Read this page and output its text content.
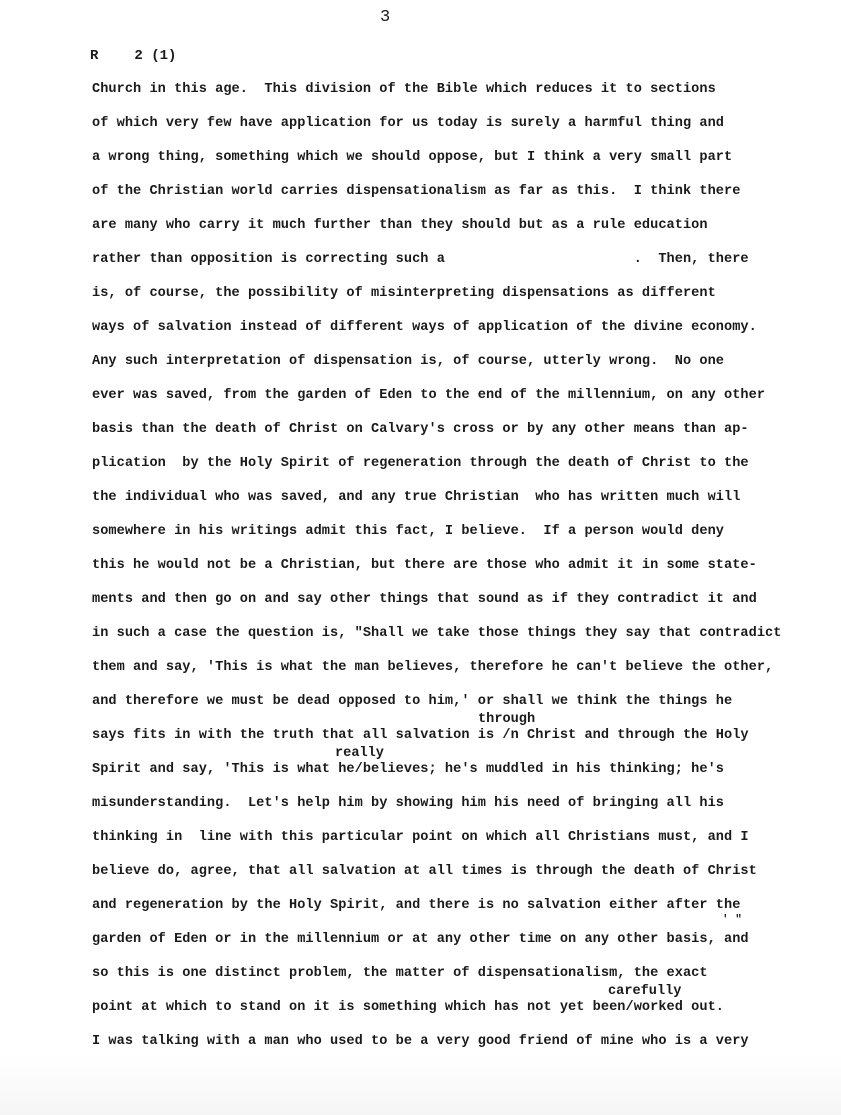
3
R	2 (1)
Church in this age.  This division of the Bible which reduces it to sections
of which very few have application for us today is surely a harmful thing and
a wrong thing, something which we should oppose, but I think a very small part
of the Christian world carries dispensationalism as far as this.  I think there
are many who carry it much further than they should but as a rule education
rather than opposition is correcting such a                       .  Then, there
is, of course, the possibility of misinterpreting dispensations as different
ways of salvation instead of different ways of application of the divine economy.
Any such interpretation of dispensation is, of course, utterly wrong.  No one
ever was saved, from the garden of Eden to the end of the millennium, on any other
basis than the death of Christ on Calvary's cross or by any other means than ap-
plication  by the Holy Spirit of regeneration through the death of Christ to the
the individual who was saved, and any true Christian  who has written much will
somewhere in his writings admit this fact, I believe.  If a person would deny
this he would not be a Christian, but there are those who admit it in some state-
ments and then go on and say other things that sound as if they contradict it and
in such a case the question is, "Shall we take those things they say that contradict
them and say, 'This is what the man believes, therefore he can't believe the other,
and therefore we must be dead opposed to him,' or shall we think the things he
through
says fits in with the truth that all salvation is /n Christ and through the Holy
really
Spirit and say, 'This is what he/believes; he's muddled in his thinking; he's
misunderstanding.  Let's help him by showing him his need of bringing all his
thinking in  line with this particular point on which all Christians must, and I
believe do, agree, that all salvation at all times is through the death of Christ
and regeneration by the Holy Spirit, and there is no salvation either after the
' "
garden of Eden or in the millennium or at any other time on any other basis, and
so this is one distinct problem, the matter of dispensationalism, the exact
carefully
point at which to stand on it is something which has not yet been/worked out.
I was talking with a man who used to be a very good friend of mine who is a very
